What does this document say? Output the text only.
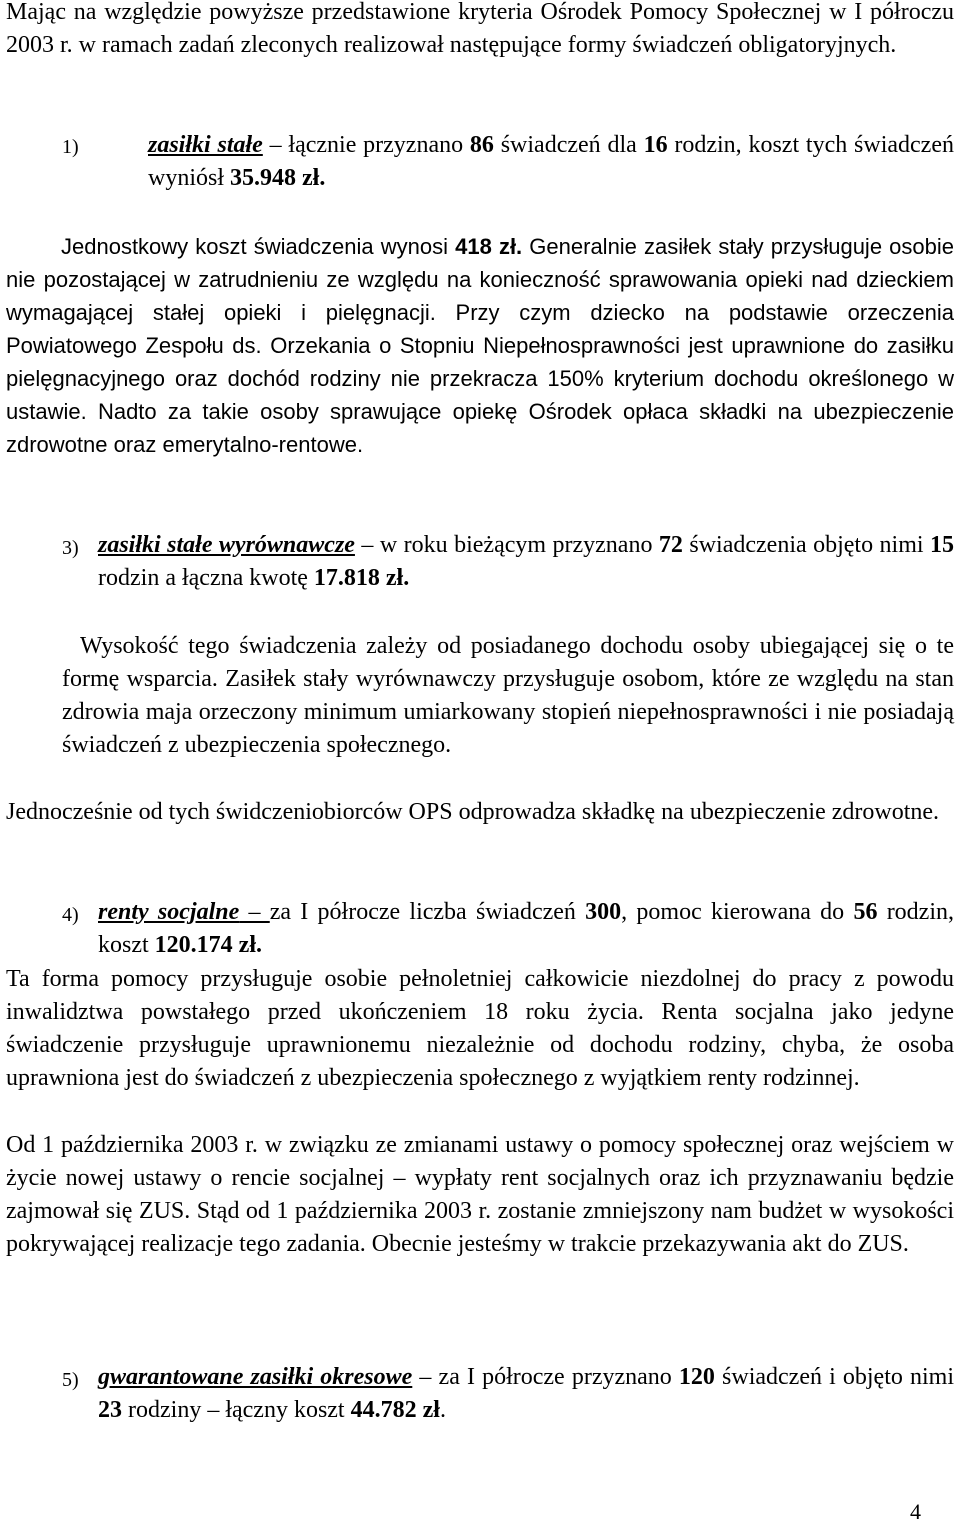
Mając na względzie powyższe przedstawione kryteria Ośrodek Pomocy Społecznej w I półroczu 2003 r. w ramach zadań zleconych realizował następujące formy świadczeń obligatoryjnych.

1)	zasiłki stałe – łącznie przyznano 86 świadczeń dla 16 rodzin, koszt tych świadczeń wyniósł 35.948 zł.

Jednostkowy koszt świadczenia wynosi 418 zł. Generalnie zasiłek stały przysługuje osobie nie pozostającej w zatrudnieniu ze względu na konieczność sprawowania opieki nad dzieckiem wymagającej stałej opieki i pielęgnacji. Przy czym dziecko na podstawie orzeczenia Powiatowego Zespołu ds. Orzekania o Stopniu Niepełnosprawności jest uprawnione do zasiłku pielęgnacyjnego oraz dochód rodziny nie przekracza 150% kryterium dochodu określonego w ustawie. Nadto za takie osoby sprawujące opiekę Ośrodek opłaca składki na ubezpieczenie zdrowotne oraz emerytalno-rentowe.

3) zasiłki stałe wyrównawcze – w roku bieżącym przyznano 72 świadczenia objęto nimi 15 rodzin a łączna kwotę 17.818 zł.

Wysokość tego świadczenia zależy od posiadanego dochodu osoby ubiegającej się o te formę wsparcia. Zasiłek stały wyrównawczy przysługuje osobom, które ze względu na stan zdrowia maja orzeczony minimum umiarkowany stopień niepełnosprawności i nie posiadają świadczeń z ubezpieczenia społecznego.

Jednocześnie od tych świdczeniobiorców OPS odprowadza składkę na ubezpieczenie zdrowotne.

4) renty socjalne – za I półrocze liczba świadczeń 300, pomoc kierowana do 56 rodzin, koszt 120.174 zł.

Ta forma pomocy przysługuje osobie pełnoletniej całkowicie niezdolnej do pracy z powodu inwalidztwa powstałego przed ukończeniem 18 roku życia. Renta socjalna jako jedyne świadczenie przysługuje uprawnionemu niezależnie od dochodu rodziny, chyba, że osoba uprawniona jest do świadczeń z ubezpieczenia społecznego z wyjątkiem renty rodzinnej.

Od 1 października 2003 r. w związku ze zmianami ustawy o pomocy społecznej oraz wejściem w życie nowej ustawy o rencie socjalnej – wypłaty rent socjalnych oraz ich przyznawaniu będzie zajmował się ZUS. Stąd od 1 października 2003 r. zostanie zmniejszony nam budżet w wysokości pokrywającej realizacje tego zadania. Obecnie jesteśmy w trakcie przekazywania akt do ZUS.

5) gwarantowane zasiłki okresowe – za I półrocze przyznano 120 świadczeń i objęto nimi 23 rodziny – łączny koszt 44.782 zł.

4
